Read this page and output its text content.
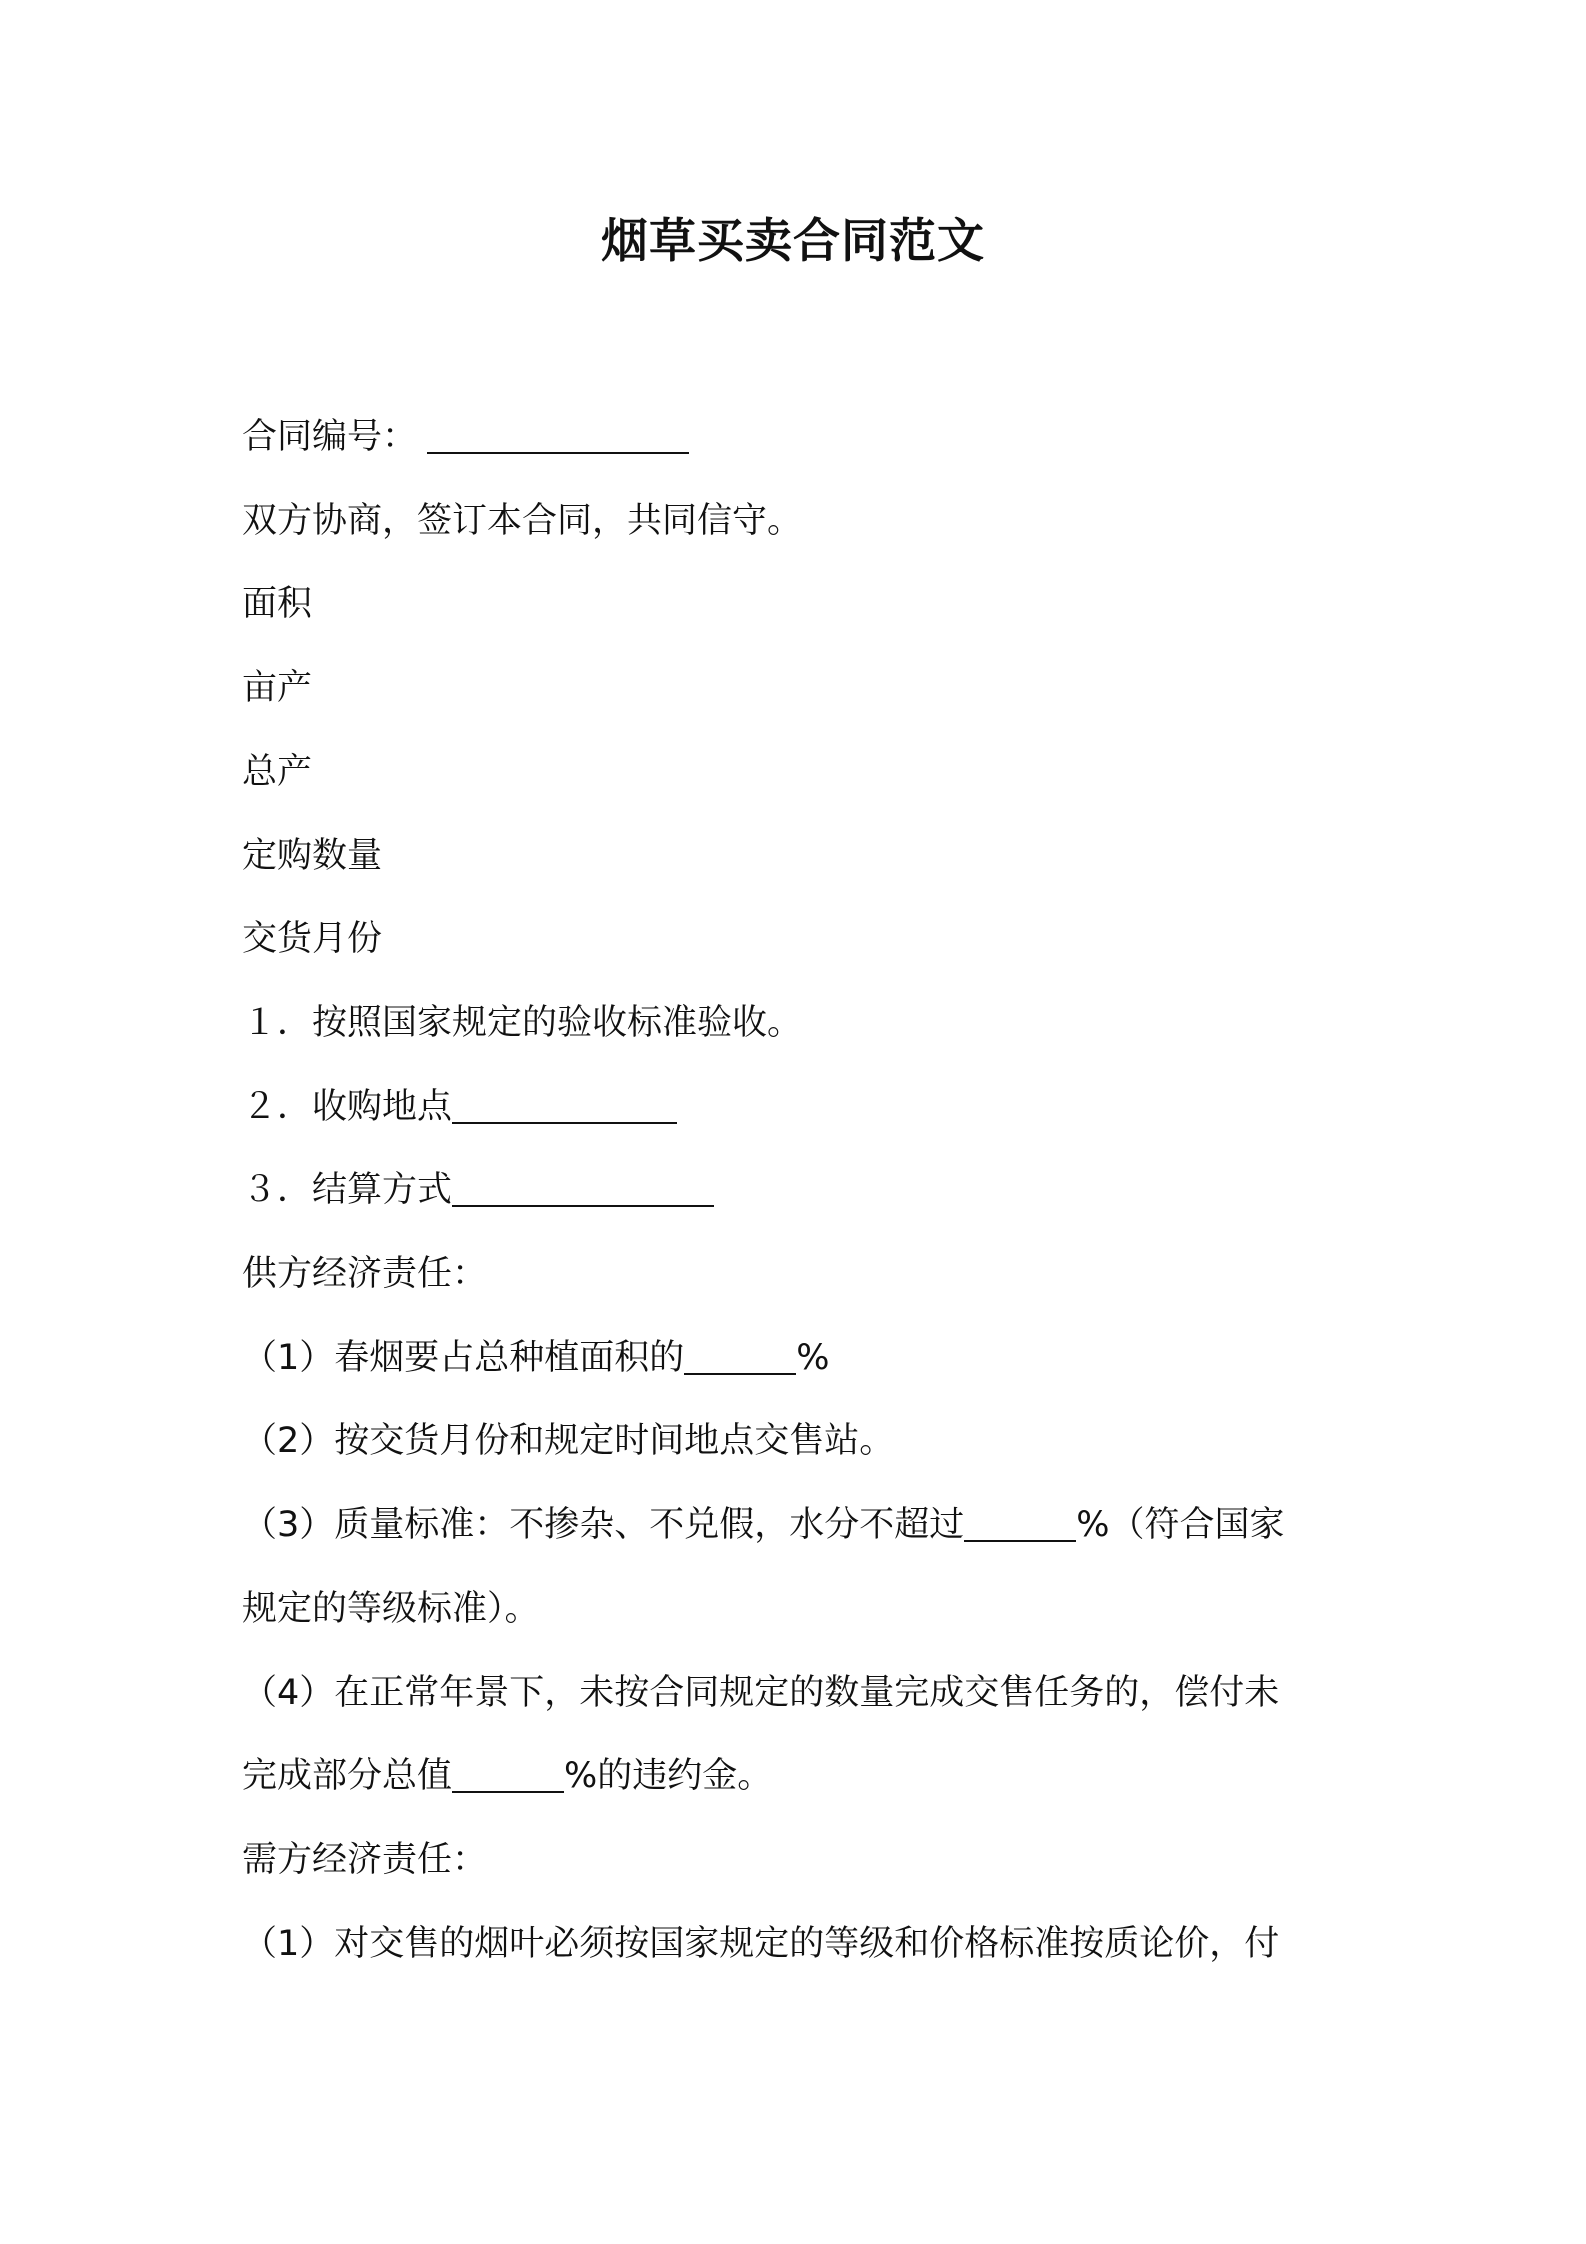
烟草买卖合同范文
合同编号：
双方协商，签订本合同，共同信守。
面积
亩产
总产
定购数量
交货月份
１．按照国家规定的验收标准验收。
２．收购地点
３．结算方式
供方经济责任：
（1）春烟要占总种植面积的	%
（2）按交货月份和规定时间地点交售站。
（3）质量标准：不掺杂、不兑假，水分不超过	%（符合国家
规定的等级标准）。
（4）在正常年景下，未按合同规定的数量完成交售任务的，偿付未
完成部分总值	%的违约金。
需方经济责任：
（1）对交售的烟叶必须按国家规定的等级和价格标准按质论价，付
